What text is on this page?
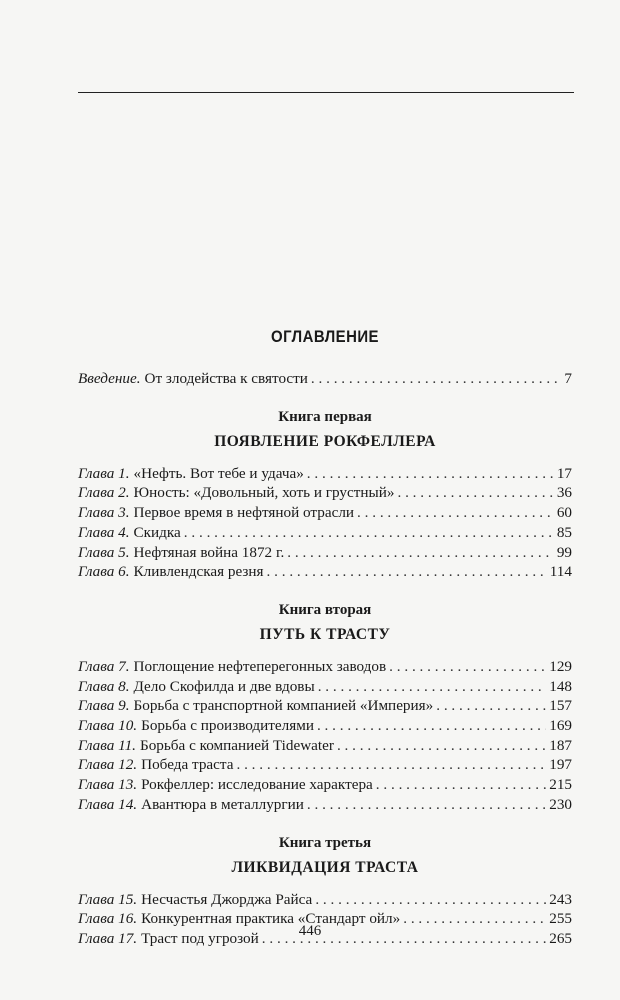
ОГЛАВЛЕНИЕ
Введение. От злодейства к святости . . .	7
Книга первая
ПОЯВЛЕНИЕ РОКФЕЛЛЕРА
Глава 1. «Нефть. Вот тебе и удача» . . .	17
Глава 2. Юность: «Довольный, хоть и грустный» . . .	36
Глава 3. Первое время в нефтяной отрасли . . .	60
Глава 4. Скидка . . .	85
Глава 5. Нефтяная война 1872 г. . . .	99
Глава 6. Кливлендская резня . . .	114
Книга вторая
ПУТЬ К ТРАСТУ
Глава 7. Поглощение нефтеперегонных заводов . . .	129
Глава 8. Дело Скофилда и две вдовы . . .	148
Глава 9. Борьба с транспортной компанией «Империя» . . .	157
Глава 10. Борьба с производителями . . .	169
Глава 11. Борьба с компанией Tidewater . . .	187
Глава 12. Победа траста . . .	197
Глава 13. Рокфеллер: исследование характера . . .	215
Глава 14. Авантюра в металлургии . . .	230
Книга третья
ЛИКВИДАЦИЯ ТРАСТА
Глава 15. Несчастья Джорджа Райса . . .	243
Глава 16. Конкурентная практика «Стандарт ойл» . . .	255
Глава 17. Траст под угрозой . . .	265
446
